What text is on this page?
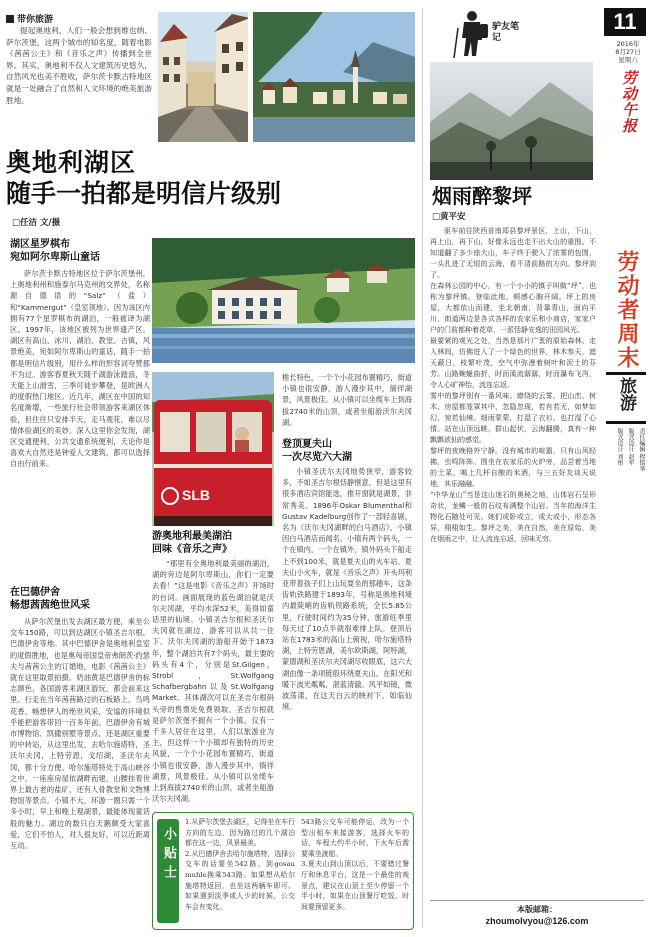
带你旅游
提起奥地利，人们一般会想到维也纳、萨尔茨堡，这两个城市的知名度，随着电影《茜茜公主》和《音乐之声》传播到全世界。其实，奥地利不仅人文建筑历史悠久，自然风光也美不胜收，萨尔茨卡默古特地区就是一处融合了自然和人文环境的绝美旅游胜地。
奥地利湖区
随手一拍都是明信片级别
□任洁 文/摄
湖区星罗棋布
宛如阿尔卑斯山童话
萨尔茨卡默古特地区位于萨尔茨堡州，上奥地利州和施泰尔马克州的交界处，名称源自德语的“Salz”（盐）和“Kammergut”（皇室领地）。因为该区内拥有77个星罗棋布的湖泊，一般被译为湖区。1997年，该地区被列为世界遗产区。湖区有高山、冰川、湖泊、教堂、古镇，风景绝美，宛如阿尔卑斯山的童话，随手一拍都是明信片级别，用什么样的形容词夸赞都不为过。游客春夏秋天随千湖游泳踏浪，冬天能上山滑雪，三季可徒步攀登，是欧洲人的度假热门地区。近几年，湖区在中国的知名度渐增，一些旅行社会带领游客来湖区体验，但往往只安排半天，走马观花，难以尽情体验湖区的美妙。深入这里你会发现，湖区交通便利，公共交通系统便利，天论你是喜欢大自然还是钟爱人文建筑，都可以选择自由行前来。
在巴德伊舍
畅想茜茜绝世风采
从萨尔茨堡出发去湖区最方便，乘坐公交车150路，可以到达湖区小镇圣吉尔根，巴德伊舍等地。其中巴德伊舍是奥地利皇室的度假胜地，也是奥匈帝国皇帝弗朗茨·约瑟夫与茜茜公主的订婚地，电影《茜茜公主》就在这里取景拍摄。奶油黄是巴德伊舍的标志颜色，各国游客来湖区游玩，都会前来这里。行走在当年茜茜路过的石板路上，鸟鸣花香，畅想伊人的绝世风采，安谧的环境似乎能把游客带回一百多年前。巴德伊舍有城市博物馆、凯撒别墅等景点，还是湖区重要的中转站，从这里出发，去哈尔施塔特，圣沃尔夫冈，上特劳恩，戈绍湖，圣沃尔夫冈，都十分方便。哈尔施塔特处于高山峡谷之中，一座座房屋依湖畔而建，山腰挂着世界上最古老的盐矿，还有人骨教堂和文物博物馆等景点。小镇不大，环游一圈只需一个多小时，早上和晚上观湖景，最能体现童话般的魅力。湖边的数只白天鹅颇受大家喜爱，它们不怕人，对人很友好，可以近距离互动。
SLB
游奥地利最美湖泊
回味《音乐之声》
“那里有全奥地利最美丽的湖泊，湖的旁边是阿尔卑斯山，你们一定要去看！”这是电影《音乐之声》开场时的台词。画面展现的蓝色湖泊就是沃尔夫冈湖，平均水深52米，美得如童话里的仙境。小镇圣吉尔根和圣沃尔夫冈就在湖边，游客可以从共一住下。沃尔夫冈湖的游船开始于1873年，整个湖泊共有7个码头，最主要的码头有4个，分别是St.Gilgen，Strobl，St.Wolfgang Schafbergbahn以及St.Wolfgang Market。其体湖次可以在圣吉尔根码头旁的售票处免费领取。圣吉尔根就是萨尔茨堡不拥有一个小镇。仅有一千多人居住在这里，人们以旅游业为主，但这样一个小镇却有独特的历史风貌，一个个小花园布置精巧，街道小镇也很安静，游人漫步其中，徜徉湖景，风景极佳。从小镇可以坐缆车上到海拔2740米的山顶，或者坐船游沃尔夫冈湖。
桅长特色，一个个小花园布置精巧，街道小镇也很安静，游人漫步其中，徜徉湖景，风景极佳。从小镇可以坐缆车上到海拔2740米的山顶，或者坐船游沃尔夫冈湖。
登顶夏夫山
一次尽览六大湖
小镇圣沃尔夫冈地势狭窄，游客较多，不如圣吉尔根恬静惬意，但是这里有很多酒店宾馆能选，推开窗就是湖景，非常秀美。1896年Oskar Blumenthal和Gustav Kadelburg创作了一部轻喜剧，名为《沃尔夫冈湖畔的白马酒店》，小镇因白马酒店而闻名。小镇有两个码头，一个在镇内，一个在镇外，镇外码头下船走上不到100米，就是夏夫山的火车站。夏夫山小火车，就是《音乐之声》开头玛利亚带着孩子们上山玩耍坐的那趟车，这条齿轨铁路建于1893年，号称是奥地利境内最陡峭的齿轨铁路系统，全长5.85公里，行驶时间约为35分钟，旅游旺季里每天过了10点半就很难排上队。登顶后站在1783米的高山上俯视，哈尔施塔特湖，上特劳恩湖，美尔欧斯湖，阿特湖，蒙德湖和圣沃尔夫冈湖尽收眼底，这六大湖由像一条项链般环绕夏夫山，在阳光和暖下波光粼粼，湛蓝清澈。风平如镜，微波荡漾，在这天白云的映衬下，如临仙境。
小贴士
1.从萨尔茨堡去湖区，记得坐在车行方向的左边，因为路过的几个湖泊都在这一边，风景最美。
2.从巴德伊舍去哈尔施塔特，选择公交车的话要坐542路，到gosau muhle换乘543路。如果想从哈尔施塔特返回，也坐这两辆车即可。如果遇到淡季或人少的时候，公交车会有变化。
543路公交车可能停运，改为一个型出租车来接游客，选择火车的话，车程大约半小时，下火车后需要乘坐渡船。
3.夏夫山到山顶以后，不要错过餐厅和休息平台，这是一个最佳的观景点，建议在山顶上至少停留一个半小时，如果在山顶餐厅吃饭，时间要预留更多。
驴友笔记
烟雨醉黎坪
□黄平安
驱车前往陕西省南郑县黎坪景区，上山，下山，再上山，再下山，好像永远也走不出大山的重围。不知道翻了多少座大山，车子终于驶入了浓雾的包围，一头扎进了无垠的云海，看不清前路的方向。黎坪到了。
在森林公园的中心，有一个小小的镇子叫做“坪”，也称为黎坪镇。登临此地，顿感心胸开阔。坪上的房屋，大都依山而建，坐北朝南，背靠青山，面向平川，街道两边是各式各样的农家乐和小商店，家家户户的门前都种着花草，一派恬静安逸的田园风光。
最要紧的观光之处，当然是那片广袤的原始森林。走入林间，仿佛进入了一个绿色的世界，林木参天，遮天蔽日，枝繁叶茂，空气中弥漫着树叶和泥土的芬芳。山路蜿蜒曲折，时而溪流潺潺，时而瀑布飞泻，令人心旷神怡，流连忘返。
雾中的黎坪别有一番风味。缭绕的云雾，把山峦、树木、房屋都笼罩其中，忽隐忽现，若有若无，如梦如幻，宛若仙境。细雨蒙蒙，打湿了衣衫，也打湿了心情。站在山顶远眺，群山起伏，云海翻腾，真有一种飘飘欲仙的感觉。
黎坪的夜晚格外宁静。没有城市的喧嚣，只有山风轻拂，虫鸣阵阵。围坐在农家乐的火炉旁，品尝着当地的土菜，喝上几杯自酿的米酒，与三五好友谈天说地，其乐融融。
“中华龙山”当是这山迷石的奥秘之地，山体岩石呈形奇状，龙鳞一般的石纹布满整个山岩。当年的海洋生物化石随处可见。她们或卧或立，或大或小，形态各异，栩栩如生。黎坪之美，美在自然，美在原始，美在烟雨之中，让人流连忘返，回味无穷。
本版邮箱：
zhoumolvyou@126.com
11
2016年
8月27日
星期六
劳动午报
劳动者周末
旅游
责任编辑 程铭华
版式设计 赵军
版式设计 刘彤
